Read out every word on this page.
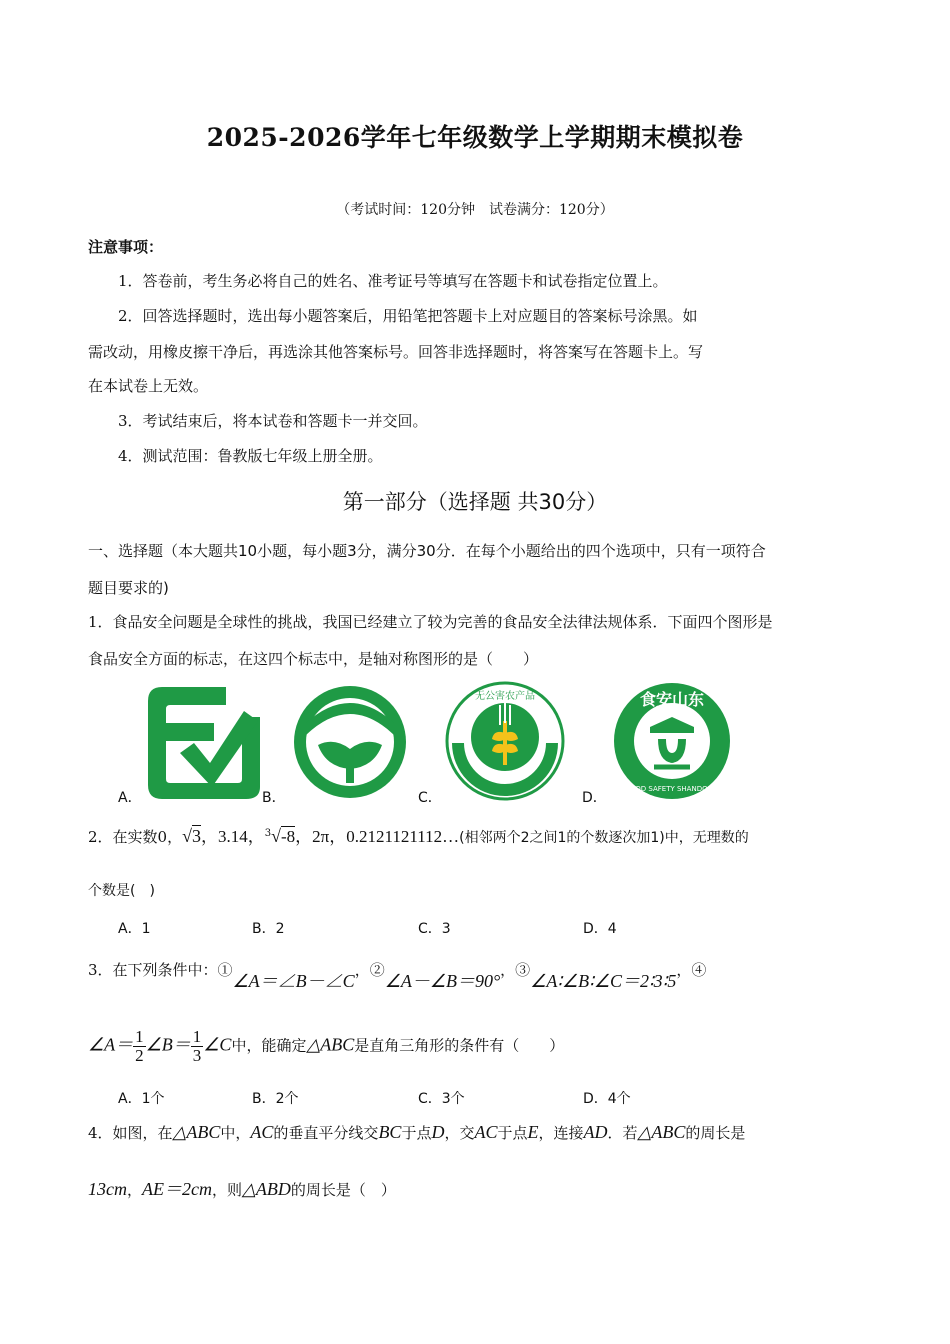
2025-2026学年七年级数学上学期期末模拟卷
（考试时间：120分钟　试卷满分：120分）
注意事项：
1．答卷前，考生务必将自己的姓名、准考证号等填写在答题卡和试卷指定位置上。
2．回答选择题时，选出每小题答案后，用铅笔把答题卡上对应题目的答案标号涂黑。如
需改动，用橡皮擦干净后，再选涂其他答案标号。回答非选择题时，将答案写在答题卡上。写
在本试卷上无效。
3．考试结束后，将本试卷和答题卡一并交回。
4．测试范围：鲁教版七年级上册全册。
第一部分（选择题 共30分）
一、选择题（本大题共10小题，每小题3分，满分30分．在每个小题给出的四个选项中，只有一项符合
题目要求的)
1．食品安全问题是全球性的挑战，我国已经建立了较为完善的食品安全法律法规体系．下面四个图形是
食品安全方面的标志，在这四个标志中，是轴对称图形的是（　　）
A．	B．
无公害农产品
C．
食安山东
FOOD SAFETY SHANDONG
D．
2．在实数0，√3，3.14，$^3$√-8，2π，0.2121121112…(相邻两个2之间1的个数逐次加1)中，无理数的
个数是(　)
A．1	B．2	C．3	D．4
3．在下列条件中：①∠A＝∠B－∠C，②∠A－∠B＝90°，③∠A∶∠B∶∠C＝2∶3∶5，④
∠A＝ $\frac{1}{2}$ ∠B＝ $\frac{1}{3}$ ∠C中，能确定△ABC是直角三角形的条件有（　　）
A．1个	B．2个	C．3个	D．4个
4．如图，在△ABC中，AC的垂直平分线交BC于点D，交AC于点E，连接AD．若△ABC的周长是
13cm，AE＝2cm，则△ABD的周长是（　）
